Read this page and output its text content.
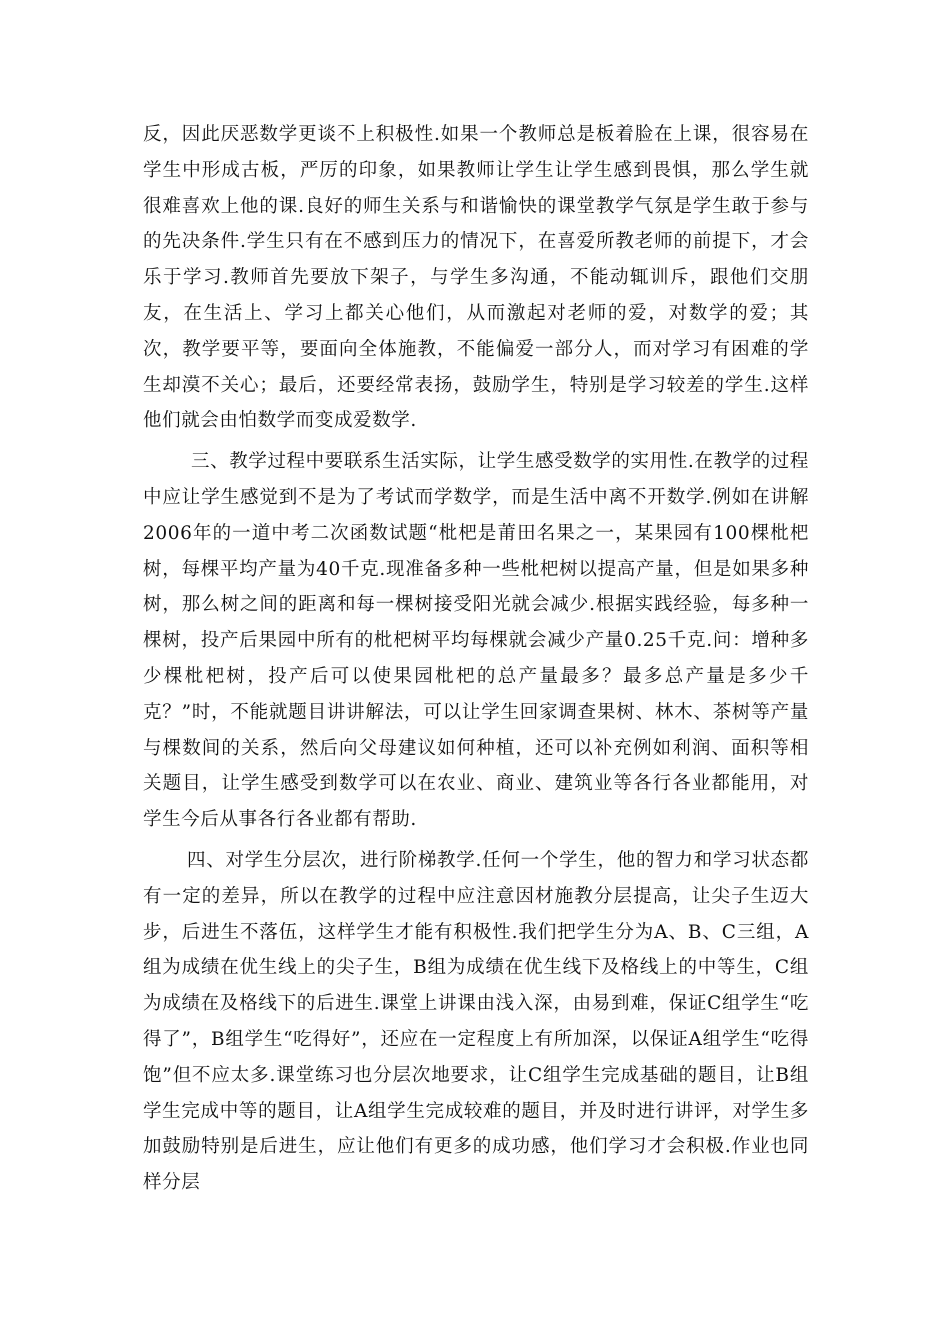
反，因此厌恶数学更谈不上积极性.如果一个教师总是板着脸在上课，很容易在学生中形成古板，严厉的印象，如果教师让学生让学生感到畏惧，那么学生就很难喜欢上他的课.良好的师生关系与和谐愉快的课堂教学气氛是学生敢于参与的先决条件.学生只有在不感到压力的情况下，在喜爱所教老师的前提下，才会乐于学习.教师首先要放下架子，与学生多沟通，不能动辄训斥，跟他们交朋友，在生活上、学习上都关心他们，从而激起对老师的爱，对数学的爱；其次，教学要平等，要面向全体施教，不能偏爱一部分人，而对学习有困难的学生却漠不关心；最后，还要经常表扬，鼓励学生，特别是学习较差的学生.这样他们就会由怕数学而变成爱数学.

三、教学过程中要联系生活实际，让学生感受数学的实用性.在教学的过程中应让学生感觉到不是为了考试而学数学，而是生活中离不开数学.例如在讲解2006年的一道中考二次函数试题“枇杷是莆田名果之一，某果园有100棵枇杷树，每棵平均产量为40千克.现准备多种一些枇杷树以提高产量，但是如果多种树，那么树之间的距离和每一棵树接受阳光就会减少.根据实践经验，每多种一棵树，投产后果园中所有的枇杷树平均每棵就会减少产量0.25千克.问：增种多少棵枇杷树，投产后可以使果园枇杷的总产量最多？最多总产量是多少千克？”时，不能就题目讲讲解法，可以让学生回家调查果树、林木、茶树等产量与棵数间的关系，然后向父母建议如何种植，还可以补充例如利润、面积等相关题目，让学生感受到数学可以在农业、商业、建筑业等各行各业都能用，对学生今后从事各行各业都有帮助.

四、对学生分层次，进行阶梯教学.任何一个学生，他的智力和学习状态都有一定的差异，所以在教学的过程中应注意因材施教分层提高，让尖子生迈大步，后进生不落伍，这样学生才能有积极性.我们把学生分为A、B、C三组，A组为成绩在优生线上的尖子生，B组为成绩在优生线下及格线上的中等生，C组为成绩在及格线下的后进生.课堂上讲课由浅入深，由易到难，保证C组学生“吃得了”，B组学生“吃得好”，还应在一定程度上有所加深，以保证A组学生“吃得饱”但不应太多.课堂练习也分层次地要求，让C组学生完成基础的题目，让B组学生完成中等的题目，让A组学生完成较难的题目，并及时进行讲评，对学生多加鼓励特别是后进生，应让他们有更多的成功感，他们学习才会积极.作业也同样分层
